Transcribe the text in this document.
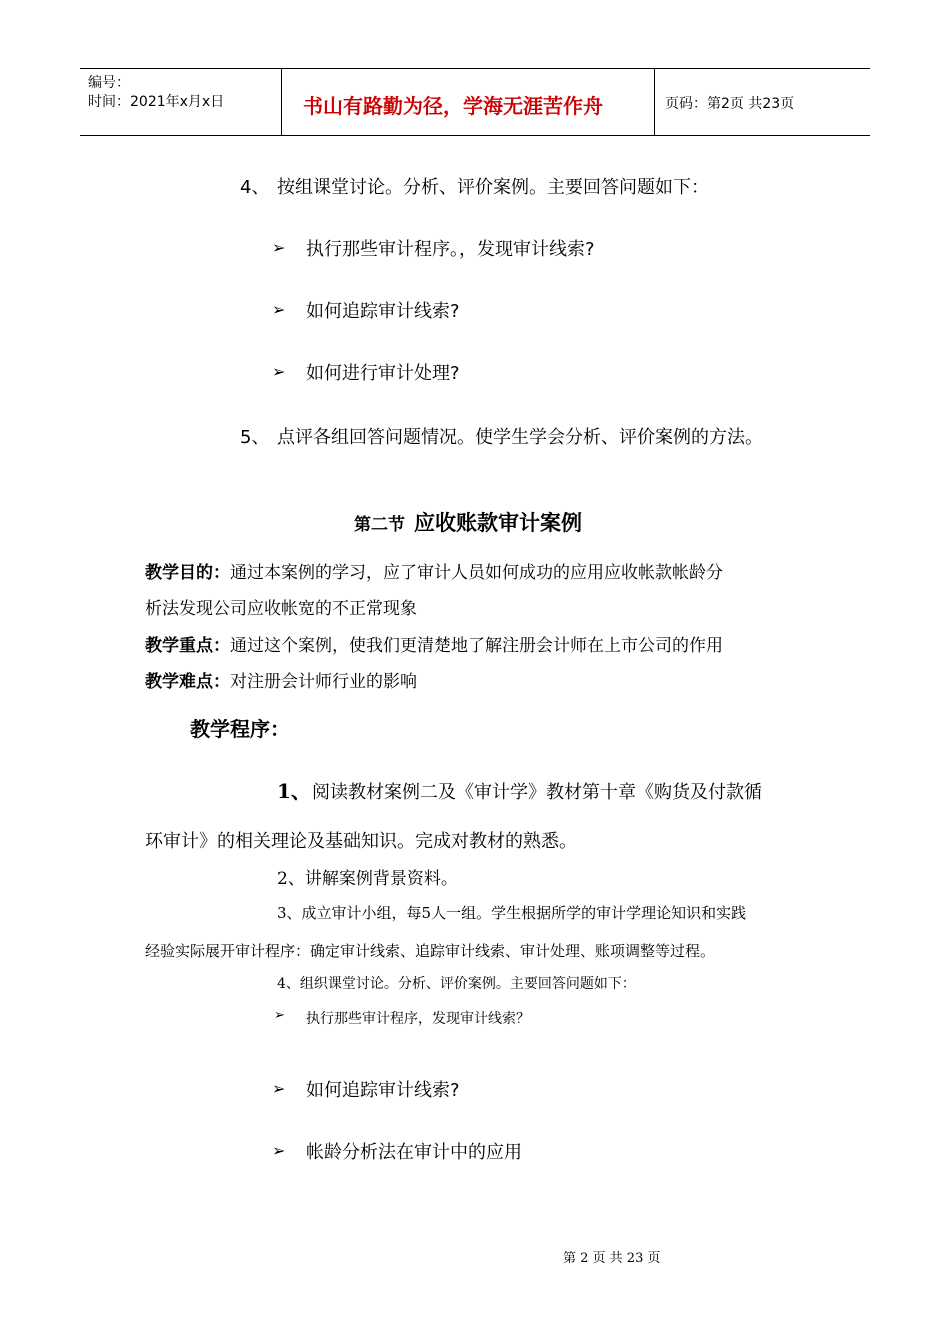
编号：
时间：2021年x月x日	书山有路勤为径，学海无涯苦作舟	页码：第2页 共23页
4、 按组课堂讨论。分析、评价案例。主要回答问题如下：
➢ 执行那些审计程序。，发现审计线索?
➢ 如何追踪审计线索?
➢ 如何进行审计处理?
5、 点评各组回答问题情况。使学生学会分析、评价案例的方法。
第二节 应收账款审计案例
教学目的：通过本案例的学习，应了审计人员如何成功的应用应收帐款帐龄分
析法发现公司应收帐宽的不正常现象
教学重点：通过这个案例，使我们更清楚地了解注册会计师在上市公司的作用
教学难点：对注册会计师行业的影响
教学程序：
1、 阅读教材案例二及《审计学》教材第十章《购货及付款循
环审计》的相关理论及基础知识。完成对教材的熟悉。
2、讲解案例背景资料。
3、成立审计小组，每5人一组。学生根据所学的审计学理论知识和实践
经验实际展开审计程序：确定审计线索、追踪审计线索、审计处理、账项调整等过程。
4、组织课堂讨论。分析、评价案例。主要回答问题如下：
➢ 执行那些审计程序，发现审计线索？
➢ 如何追踪审计线索?
➢ 帐龄分析法在审计中的应用
第 2 页 共 23 页
